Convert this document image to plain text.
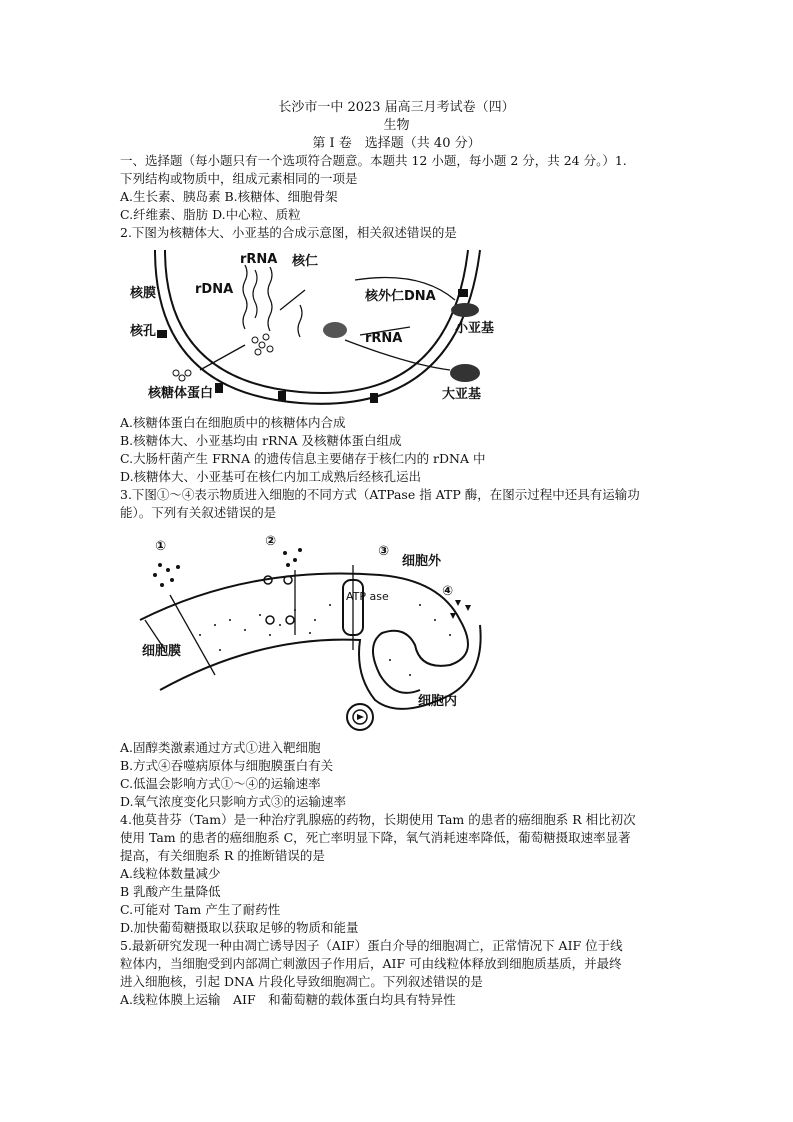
长沙市一中 2023 届高三月考试卷（四）
生物
第 Ⅰ 卷　选择题（共 40 分）
一、选择题（每小题只有一个选项符合题意。本题共 12 小题，每小题 2 分，共 24 分。）1.
下列结构或物质中，组成元素相同的一项是
A.生长素、胰岛素 B.核糖体、细胞骨架
C.纤维素、脂肪 D.中心粒、质粒
2.下图为核糖体大、小亚基的合成示意图，相关叙述错误的是
rRNA 核仁
rDNA
核膜	核外仁DNA
核孔	小亚基
rRNA
核糖体蛋白	大亚基
A.核糖体蛋白在细胞质中的核糖体内合成
B.核糖体大、小亚基均由 rRNA 及核糖体蛋白组成
C.大肠杆菌产生 FRNA 的遗传信息主要储存于核仁内的 rDNA 中
D.核糖体大、小亚基可在核仁内加工成熟后经核孔运出
3.下图①～④表示物质进入细胞的不同方式（ATPase 指 ATP 酶，在图示过程中还具有运输功
能）。下列有关叙述错误的是
ATP ase
①	②
③
④
细胞外
细胞膜
细胞内
A.固醇类激素通过方式①进入靶细胞
B.方式④吞噬病原体与细胞膜蛋白有关
C.低温会影响方式①～④的运输速率
D.氧气浓度变化只影响方式③的运输速率
4.他莫昔芬（Tam）是一种治疗乳腺癌的药物，长期使用 Tam 的患者的癌细胞系 R 相比初次
使用 Tam 的患者的癌细胞系 C，死亡率明显下降，氧气消耗速率降低，葡萄糖摄取速率显著
提高，有关细胞系 R 的推断错误的是
A.线粒体数量减少
B 乳酸产生量降低
C.可能对 Tam 产生了耐药性
D.加快葡萄糖摄取以获取足够的物质和能量
5.最新研究发现一种由凋亡诱导因子（AIF）蛋白介导的细胞凋亡，正常情况下 AIF 位于线
粒体内，当细胞受到内部凋亡刺激因子作用后，AIF 可由线粒体释放到细胞质基质，并最终
进入细胞核，引起 DNA 片段化导致细胞凋亡。下列叙述错误的是
A.线粒体膜上运输　AIF　和葡萄糖的载体蛋白均具有特异性
